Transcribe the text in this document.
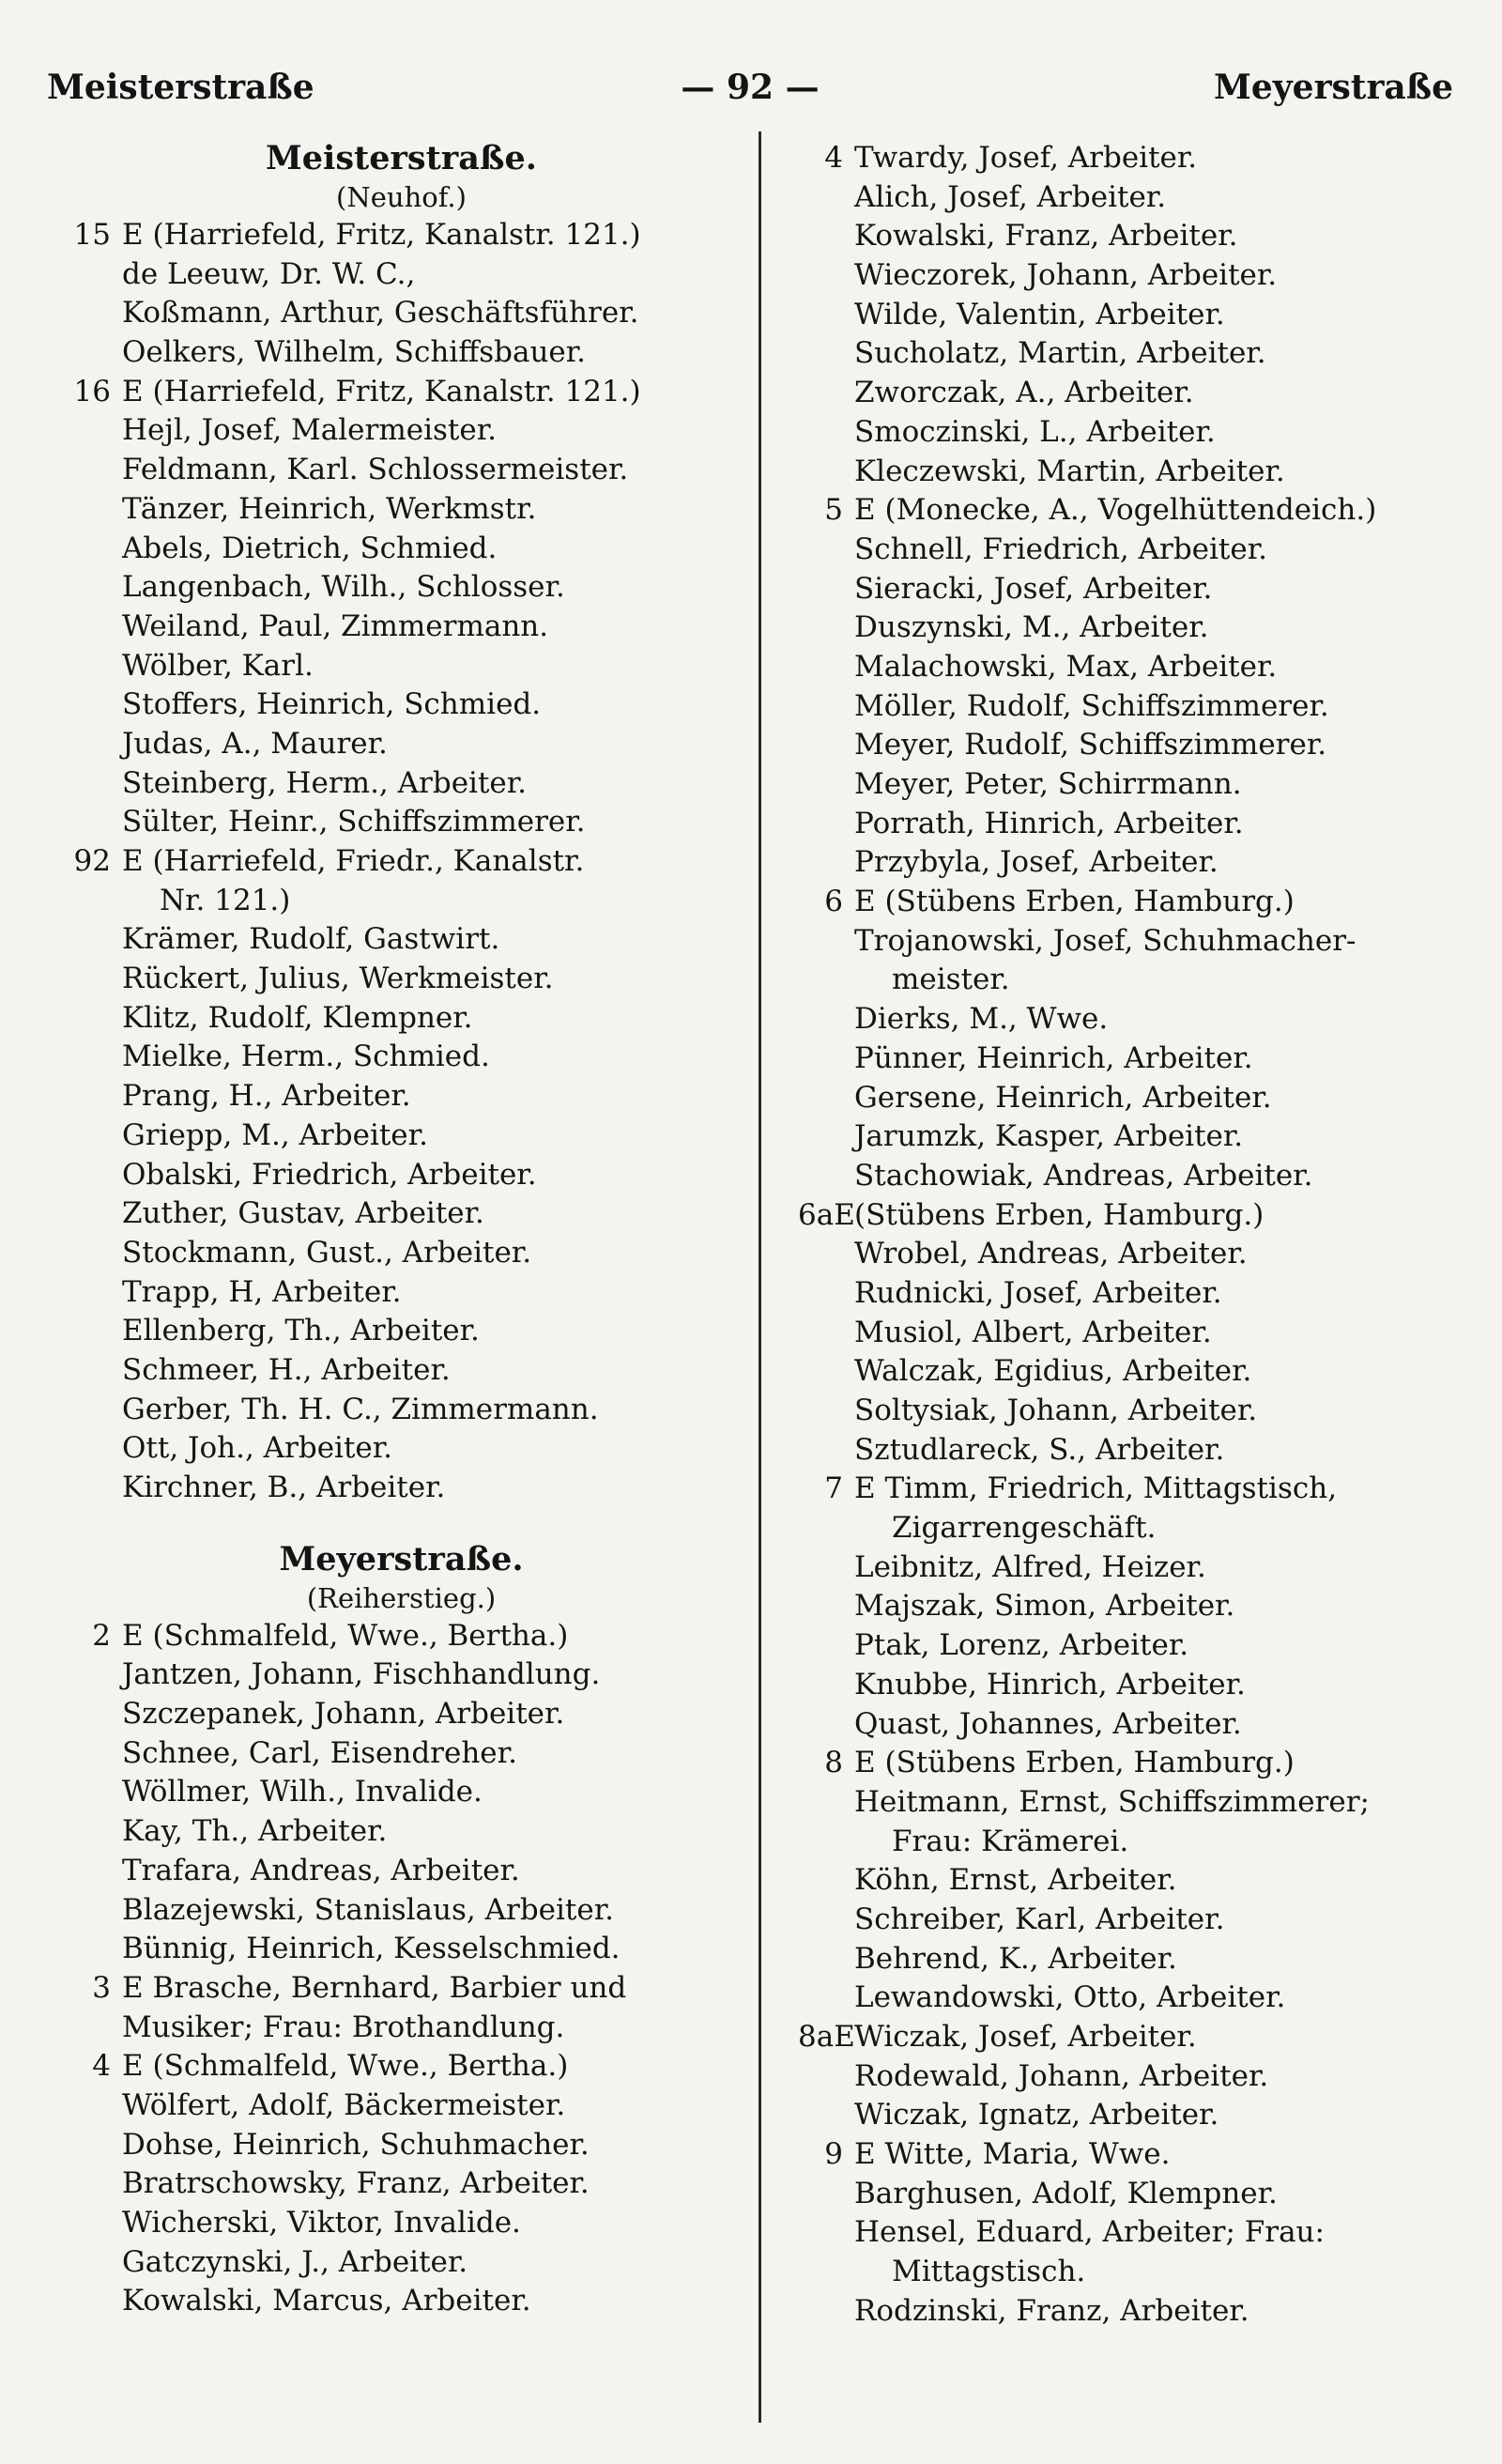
Meisterstraße	— 92 —	Meyerstraße
Meisterstraße.
(Neuhof.)
15 E (Harriefeld, Fritz, Kanalstr. 121.)
de Leeuw, Dr. W. C.,
Koßmann, Arthur, Geschäftsführer.
Oelkers, Wilhelm, Schiffsbauer.
16 E (Harriefeld, Fritz, Kanalstr. 121.)
Hejl, Josef, Malermeister.
Feldmann, Karl. Schlossermeister.
Tänzer, Heinrich, Werkmstr.
Abels, Dietrich, Schmied.
Langenbach, Wilh., Schlosser.
Weiland, Paul, Zimmermann.
Wölber, Karl.
Stoffers, Heinrich, Schmied.
Judas, A., Maurer.
Steinberg, Herm., Arbeiter.
Sülter, Heinr., Schiffszimmerer.
92 E (Harriefeld, Friedr., Kanalstr.
Nr. 121.)
Krämer, Rudolf, Gastwirt.
Rückert, Julius, Werkmeister.
Klitz, Rudolf, Klempner.
Mielke, Herm., Schmied.
Prang, H., Arbeiter.
Griepp, M., Arbeiter.
Obalski, Friedrich, Arbeiter.
Zuther, Gustav, Arbeiter.
Stockmann, Gust., Arbeiter.
Trapp, H, Arbeiter.
Ellenberg, Th., Arbeiter.
Schmeer, H., Arbeiter.
Gerber, Th. H. C., Zimmermann.
Ott, Joh., Arbeiter.
Kirchner, B., Arbeiter.
Meyerstraße.
(Reiherstieg.)
2 E (Schmalfeld, Wwe., Bertha.)
Jantzen, Johann, Fischhandlung.
Szczepanek, Johann, Arbeiter.
Schnee, Carl, Eisendreher.
Wöllmer, Wilh., Invalide.
Kay, Th., Arbeiter.
Trafara, Andreas, Arbeiter.
Blazejewski, Stanislaus, Arbeiter.
Bünnig, Heinrich, Kesselschmied.
3 E Brasche, Bernhard, Barbier und
Musiker; Frau: Brothandlung.
4 E (Schmalfeld, Wwe., Bertha.)
Wölfert, Adolf, Bäckermeister.
Dohse, Heinrich, Schuhmacher.
Bratrschowsky, Franz, Arbeiter.
Wicherski, Viktor, Invalide.
Gatczynski, J., Arbeiter.
Kowalski, Marcus, Arbeiter.
4 Twardy, Josef, Arbeiter.
Alich, Josef, Arbeiter.
Kowalski, Franz, Arbeiter.
Wieczorek, Johann, Arbeiter.
Wilde, Valentin, Arbeiter.
Sucholatz, Martin, Arbeiter.
Zworczak, A., Arbeiter.
Smoczinski, L., Arbeiter.
Kleczewski, Martin, Arbeiter.
5 E (Monecke, A., Vogelhüttendeich.)
Schnell, Friedrich, Arbeiter.
Sieracki, Josef, Arbeiter.
Duszynski, M., Arbeiter.
Malachowski, Max, Arbeiter.
Möller, Rudolf, Schiffszimmerer.
Meyer, Rudolf, Schiffszimmerer.
Meyer, Peter, Schirrmann.
Porrath, Hinrich, Arbeiter.
Przybyla, Josef, Arbeiter.
6 E (Stübens Erben, Hamburg.)
Trojanowski, Josef, Schuhmacher-
meister.
Dierks, M., Wwe.
Pünner, Heinrich, Arbeiter.
Gersene, Heinrich, Arbeiter.
Jarumzk, Kasper, Arbeiter.
Stachowiak, Andreas, Arbeiter.
6aE (Stübens Erben, Hamburg.)
Wrobel, Andreas, Arbeiter.
Rudnicki, Josef, Arbeiter.
Musiol, Albert, Arbeiter.
Walczak, Egidius, Arbeiter.
Soltysiak, Johann, Arbeiter.
Sztudlareck, S., Arbeiter.
7 E Timm, Friedrich, Mittagstisch,
Zigarrengeschäft.
Leibnitz, Alfred, Heizer.
Majszak, Simon, Arbeiter.
Ptak, Lorenz, Arbeiter.
Knubbe, Hinrich, Arbeiter.
Quast, Johannes, Arbeiter.
8 E (Stübens Erben, Hamburg.)
Heitmann, Ernst, Schiffszimmerer;
Frau: Krämerei.
Köhn, Ernst, Arbeiter.
Schreiber, Karl, Arbeiter.
Behrend, K., Arbeiter.
Lewandowski, Otto, Arbeiter.
8aE Wiczak, Josef, Arbeiter.
Rodewald, Johann, Arbeiter.
Wiczak, Ignatz, Arbeiter.
9 E Witte, Maria, Wwe.
Barghusen, Adolf, Klempner.
Hensel, Eduard, Arbeiter; Frau:
Mittagstisch.
Rodzinski, Franz, Arbeiter.
